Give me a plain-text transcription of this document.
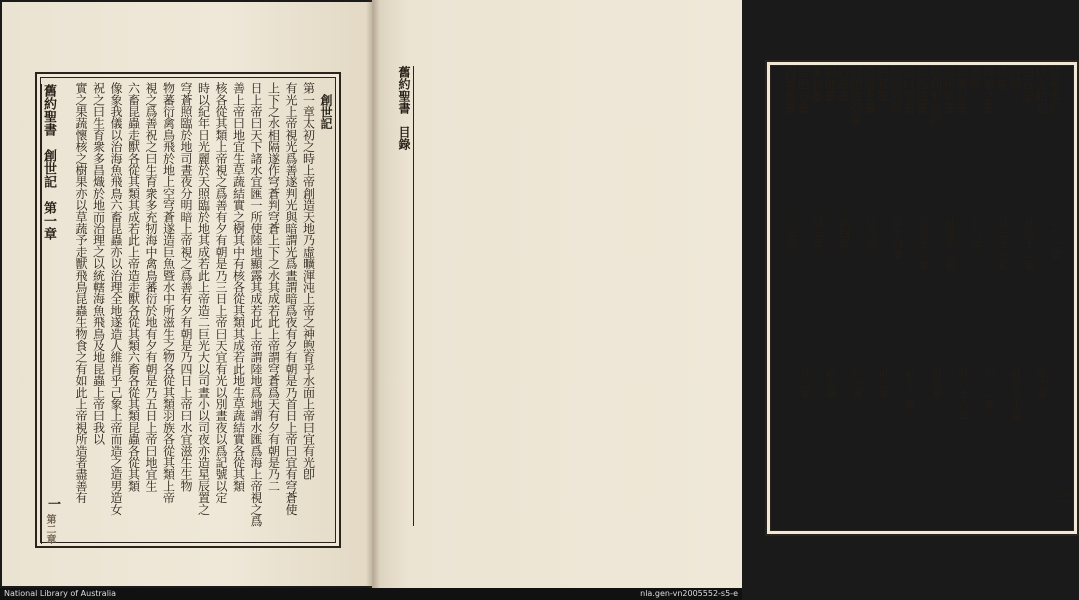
創世記
第一章太初之時上帝創造天地乃虛曠渾沌上帝之神煦育乎水面上帝曰宜有光卽
有光上帝視光爲善遂判光與暗謂光爲晝謂暗爲夜有夕有朝是乃首日上帝曰宜有穹蒼使
上下之水相隔遂作穹蒼判穹蒼上下之水其成若此上帝謂穹蒼爲天有夕有朝是乃二
日上帝曰天下諸水宜匯一所使陸地顯露其成若此上帝謂陸地爲地謂水匯爲海上帝視之爲
善上帝曰地宜生草蔬結實之樹其中有核各從其類其成若此地生草蔬結實各從其類
核各從其類上帝視之爲善有夕有朝是乃三日上帝曰天宜有光以別晝夜以爲記號以定
時以紀年日光麗於天照臨於地其成若此上帝造二巨光大以司晝小以司夜亦造星辰置之
穹蒼照臨於地司晝夜分明暗上帝視之爲善有夕有朝是乃四日上帝曰水宜滋生生物
物蕃衍禽鳥飛於地上空穹蒼遂造巨魚暨水中所滋生之物各從其類羽族各從其類上帝
視之爲善祝之曰生育衆多充牣海中禽鳥蕃衍於地有夕有朝是乃五日上帝曰地宜生
六畜昆蟲走獸各從其類其成若此上帝造走獸各從其類六畜各從其類昆蟲各從其類
像象我儀以治海魚飛鳥六畜昆蟲亦以治理全地遂造人維肖乎己象上帝而造之造男造女
祝之曰生育衆多昌熾於地而治理之以統轄海魚飛鳥及地昆蟲上帝曰我以
實之果蔬懷核之樹果亦以草蔬予走獸飛鳥昆蟲生物食之有如此上帝視所造者盡善有
舊約聖書　創世記　第一章
一
第二章
尼希米記
計十三章
以士帖記
計十章
約百記
計四十二章
詩篇
計百五十篇
箴言
計三十一章
傳道之書
計十二章
雅歌
計八章
以賽亞書
計六十六章
耶利米書
計五十二章
耶利米哀歌
計五章
以西結書
計四十八章
但以理書
計十二章
何西阿書
計十四章
約耳書
計三章
亞麼士書
計九章
阿巴底亞書
計一章
約拿書
計四章
彌迦書
計七章
拿翁書
計三章
哈巴谷書
計三章
西番雅書
計三章
二
舊約聖書　目錄
National Library of Australia	nla.gen-vn2005552-s5-e
